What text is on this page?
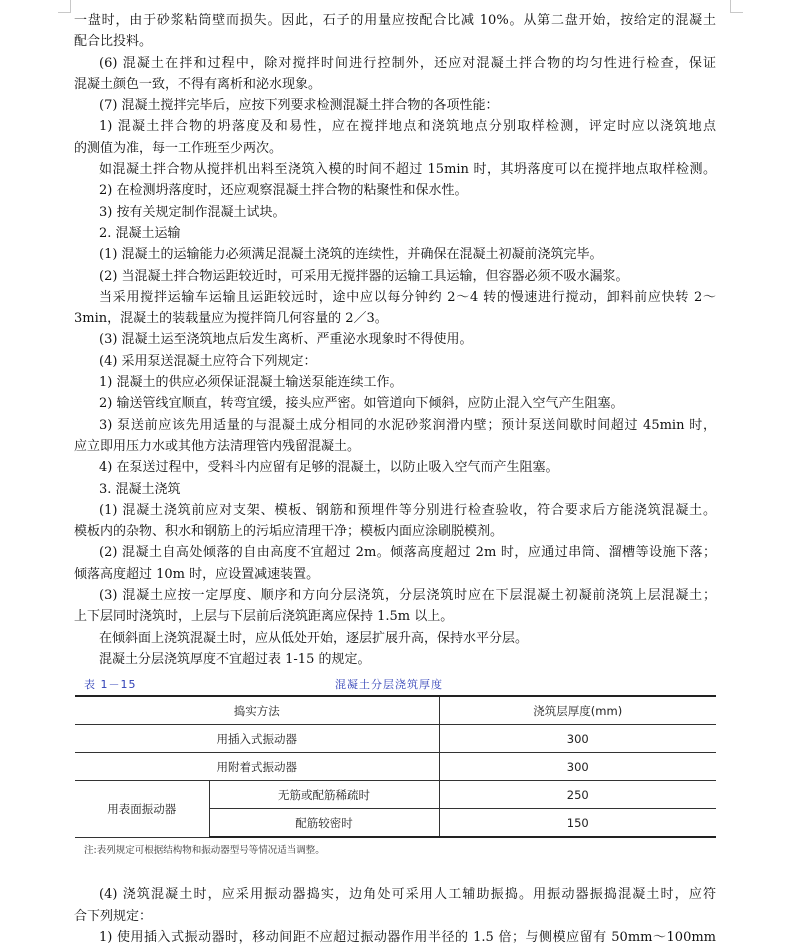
一盘时，由于砂浆粘筒壁而损失。因此，石子的用量应按配合比减 10%。从第二盘开始，按给定的混凝土
配合比投料。
(6) 混凝土在拌和过程中，除对搅拌时间进行控制外，还应对混凝土拌合物的均匀性进行检查，保证
混凝土颜色一致，不得有离析和泌水现象。
(7) 混凝土搅拌完毕后，应按下列要求检测混凝土拌合物的各项性能：
1) 混凝土拌合物的坍落度及和易性，应在搅拌地点和浇筑地点分别取样检测，评定时应以浇筑地点
的测值为准，每一工作班至少两次。
如混凝土拌合物从搅拌机出料至浇筑入模的时间不超过 15min 时，其坍落度可以在搅拌地点取样检测。
2) 在检测坍落度时，还应观察混凝土拌合物的粘聚性和保水性。
3) 按有关规定制作混凝土试块。
2. 混凝土运输
(1) 混凝土的运输能力必须满足混凝土浇筑的连续性，并确保在混凝土初凝前浇筑完毕。
(2) 当混凝土拌合物运距较近时，可采用无搅拌器的运输工具运输，但容器必须不吸水漏浆。
当采用搅拌运输车运输且运距较远时，途中应以每分钟约 2～4 转的慢速进行搅动，卸料前应快转 2～
3min，混凝土的装载量应为搅拌筒几何容量的 2／3。
(3) 混凝土运至浇筑地点后发生离析、严重泌水现象时不得使用。
(4) 采用泵送混凝土应符合下列规定：
1) 混凝土的供应必须保证混凝土输送泵能连续工作。
2) 输送管线宜顺直，转弯宜缓，接头应严密。如管道向下倾斜，应防止混入空气产生阻塞。
3) 泵送前应该先用适量的与混凝土成分相同的水泥砂浆润滑内壁；预计泵送间歇时间超过 45min 时，
应立即用压力水或其他方法清理管内残留混凝土。
4) 在泵送过程中，受料斗内应留有足够的混凝土，以防止吸入空气而产生阻塞。
3. 混凝土浇筑
(1) 混凝土浇筑前应对支架、模板、钢筋和预埋件等分别进行检查验收，符合要求后方能浇筑混凝土。
模板内的杂物、积水和钢筋上的污垢应清理干净；模板内面应涂刷脱模剂。
(2) 混凝土自高处倾落的自由高度不宜超过 2m。倾落高度超过 2m 时，应通过串筒、溜槽等设施下落；
倾落高度超过 10m 时，应设置减速装置。
(3) 混凝土应按一定厚度、顺序和方向分层浇筑，分层浇筑时应在下层混凝土初凝前浇筑上层混凝土；
上下层同时浇筑时，上层与下层前后浇筑距离应保持 1.5m 以上。
在倾斜面上浇筑混凝土时，应从低处开始，逐层扩展升高，保持水平分层。
混凝土分层浇筑厚度不宜超过表 1-15 的规定。
表 1－15	混凝土分层浇筑厚度
捣实方法		浇筑层厚度(mm)
用插入式振动器		300
用附着式振动器		300
用表面振动器	无筋或配筋稀疏时	250
	配筋较密时	150
注:表列规定可根据结构物和振动器型号等情况适当调整。
(4) 浇筑混凝土时，应采用振动器捣实，边角处可采用人工辅助振捣。用振动器振捣混凝土时，应符
合下列规定：
1) 使用插入式振动器时，移动间距不应超过振动器作用半径的 1.5 倍；与侧模应留有 50mm～100mm
